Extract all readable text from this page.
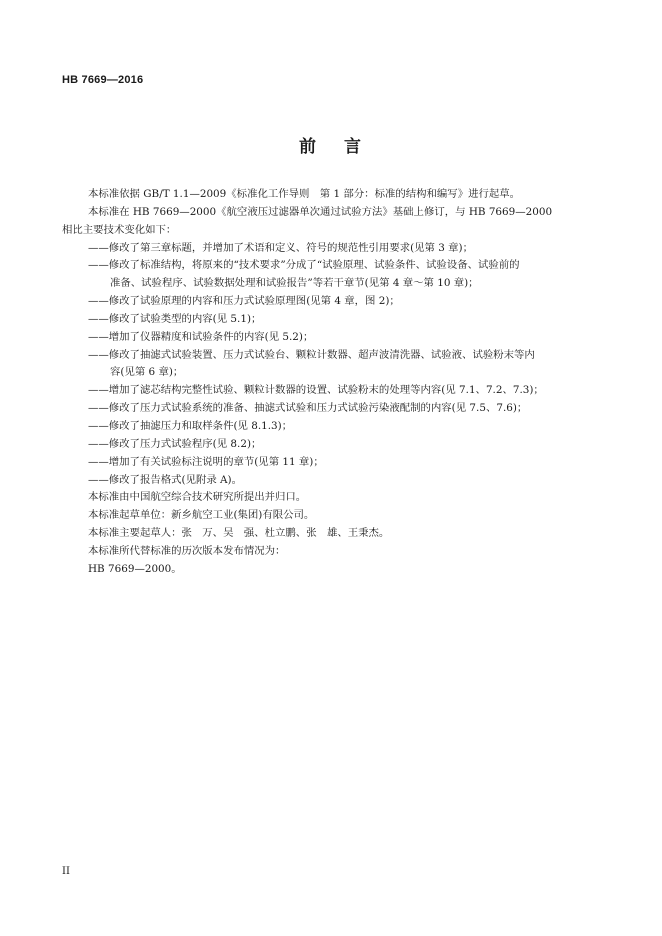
HB 7669—2016
前 言

本标准依据 GB/T 1.1—2009《标准化工作导则　第 1 部分：标准的结构和编写》进行起草。

本标准在 HB 7669—2000《航空液压过滤器单次通过试验方法》基础上修订，与 HB 7669—2000

相比主要技术变化如下：

——修改了第三章标题，并增加了术语和定义、符号的规范性引用要求(见第 3 章)；

——修改了标准结构，将原来的“技术要求”分成了“试验原理、试验条件、试验设备、试验前的

准备、试验程序、试验数据处理和试验报告”等若干章节(见第 4 章～第 10 章)；

——修改了试验原理的内容和压力式试验原理图(见第 4 章，图 2)；

——修改了试验类型的内容(见 5.1)；

——增加了仪器精度和试验条件的内容(见 5.2)；

——修改了抽滤式试验装置、压力式试验台、颗粒计数器、超声波清洗器、试验液、试验粉末等内

容(见第 6 章)；

——增加了滤芯结构完整性试验、颗粒计数器的设置、试验粉末的处理等内容(见 7.1、7.2、7.3)；

——修改了压力式试验系统的准备、抽滤式试验和压力式试验污染液配制的内容(见 7.5、7.6)；

——修改了抽滤压力和取样条件(见 8.1.3)；

——修改了压力式试验程序(见 8.2)；

——增加了有关试验标注说明的章节(见第 11 章)；

——修改了报告格式(见附录 A)。

本标准由中国航空综合技术研究所提出并归口。

本标准起草单位：新乡航空工业(集团)有限公司。

本标准主要起草人：张　万、吴　强、杜立鹏、张　雄、王秉杰。

本标准所代替标准的历次版本发布情况为：

HB 7669—2000。

II
